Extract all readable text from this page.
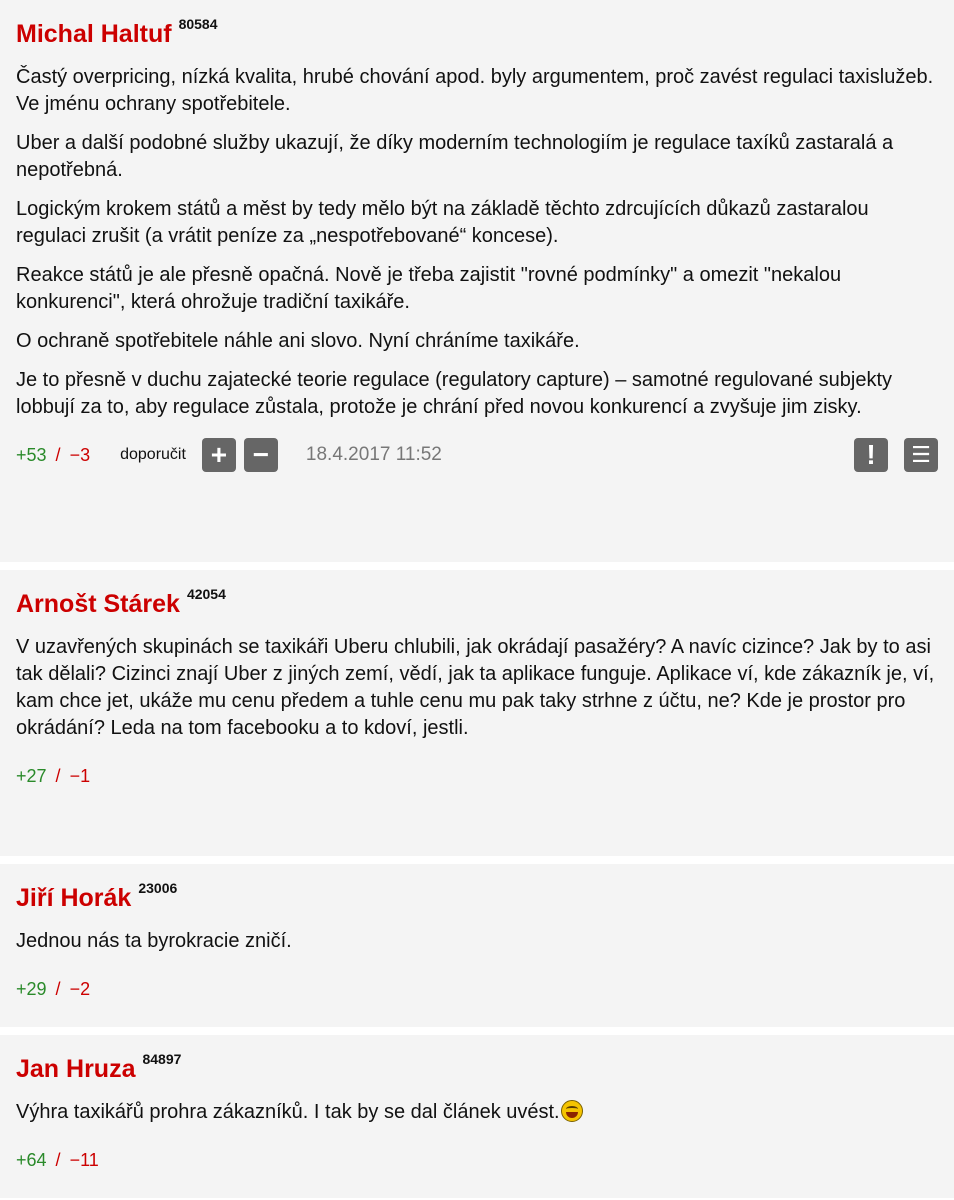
Michal Haltuf 80584

Častý overpricing, nízká kvalita, hrubé chování apod. byly argumentem, proč zavést regulaci taxislužeb. Ve jménu ochrany spotřebitele.

Uber a další podobné služby ukazují, že díky moderním technologiím je regulace taxíků zastaralá a nepotřebná.

Logickým krokem států a měst by tedy mělo být na základě těchto zdrcujících důkazů zastaralou regulaci zrušit (a vrátit peníze za „nespotřebované“ koncese).

Reakce států je ale přesně opačná. Nově je třeba zajistit "rovné podmínky" a omezit "nekalou konkurenci", která ohrožuje tradiční taxikáře.

O ochraně spotřebitele náhle ani slovo. Nyní chráníme taxikáře.

Je to přesně v duchu zajatecké teorie regulace (regulatory capture) – samotné regulované subjekty lobbují za to, aby regulace zůstala, protože je chrání před novou konkurencí a zvyšuje jim zisky.

+53 / −3 doporučit + −	18.4.2017 11:52	!	☰
Arnošt Stárek 42054

V uzavřených skupinách se taxikáři Uberu chlubili, jak okrádají pasažéry? A navíc cizince? Jak by to asi tak dělali? Cizinci znají Uber z jiných zemí, vědí, jak ta aplikace funguje. Aplikace ví, kde zákazník je, ví, kam chce jet, ukáže mu cenu předem a tuhle cenu mu pak taky strhne z účtu, ne? Kde je prostor pro okrádání? Leda na tom facebooku a to kdoví, jestli.

+27 / −1
Jiří Horák 23006

Jednou nás ta byrokracie zničí.

+29 / −2
Jan Hruza 84897

Výhra taxikářů prohra zákazníků. I tak by se dal článek uvést.

+64 / −11
